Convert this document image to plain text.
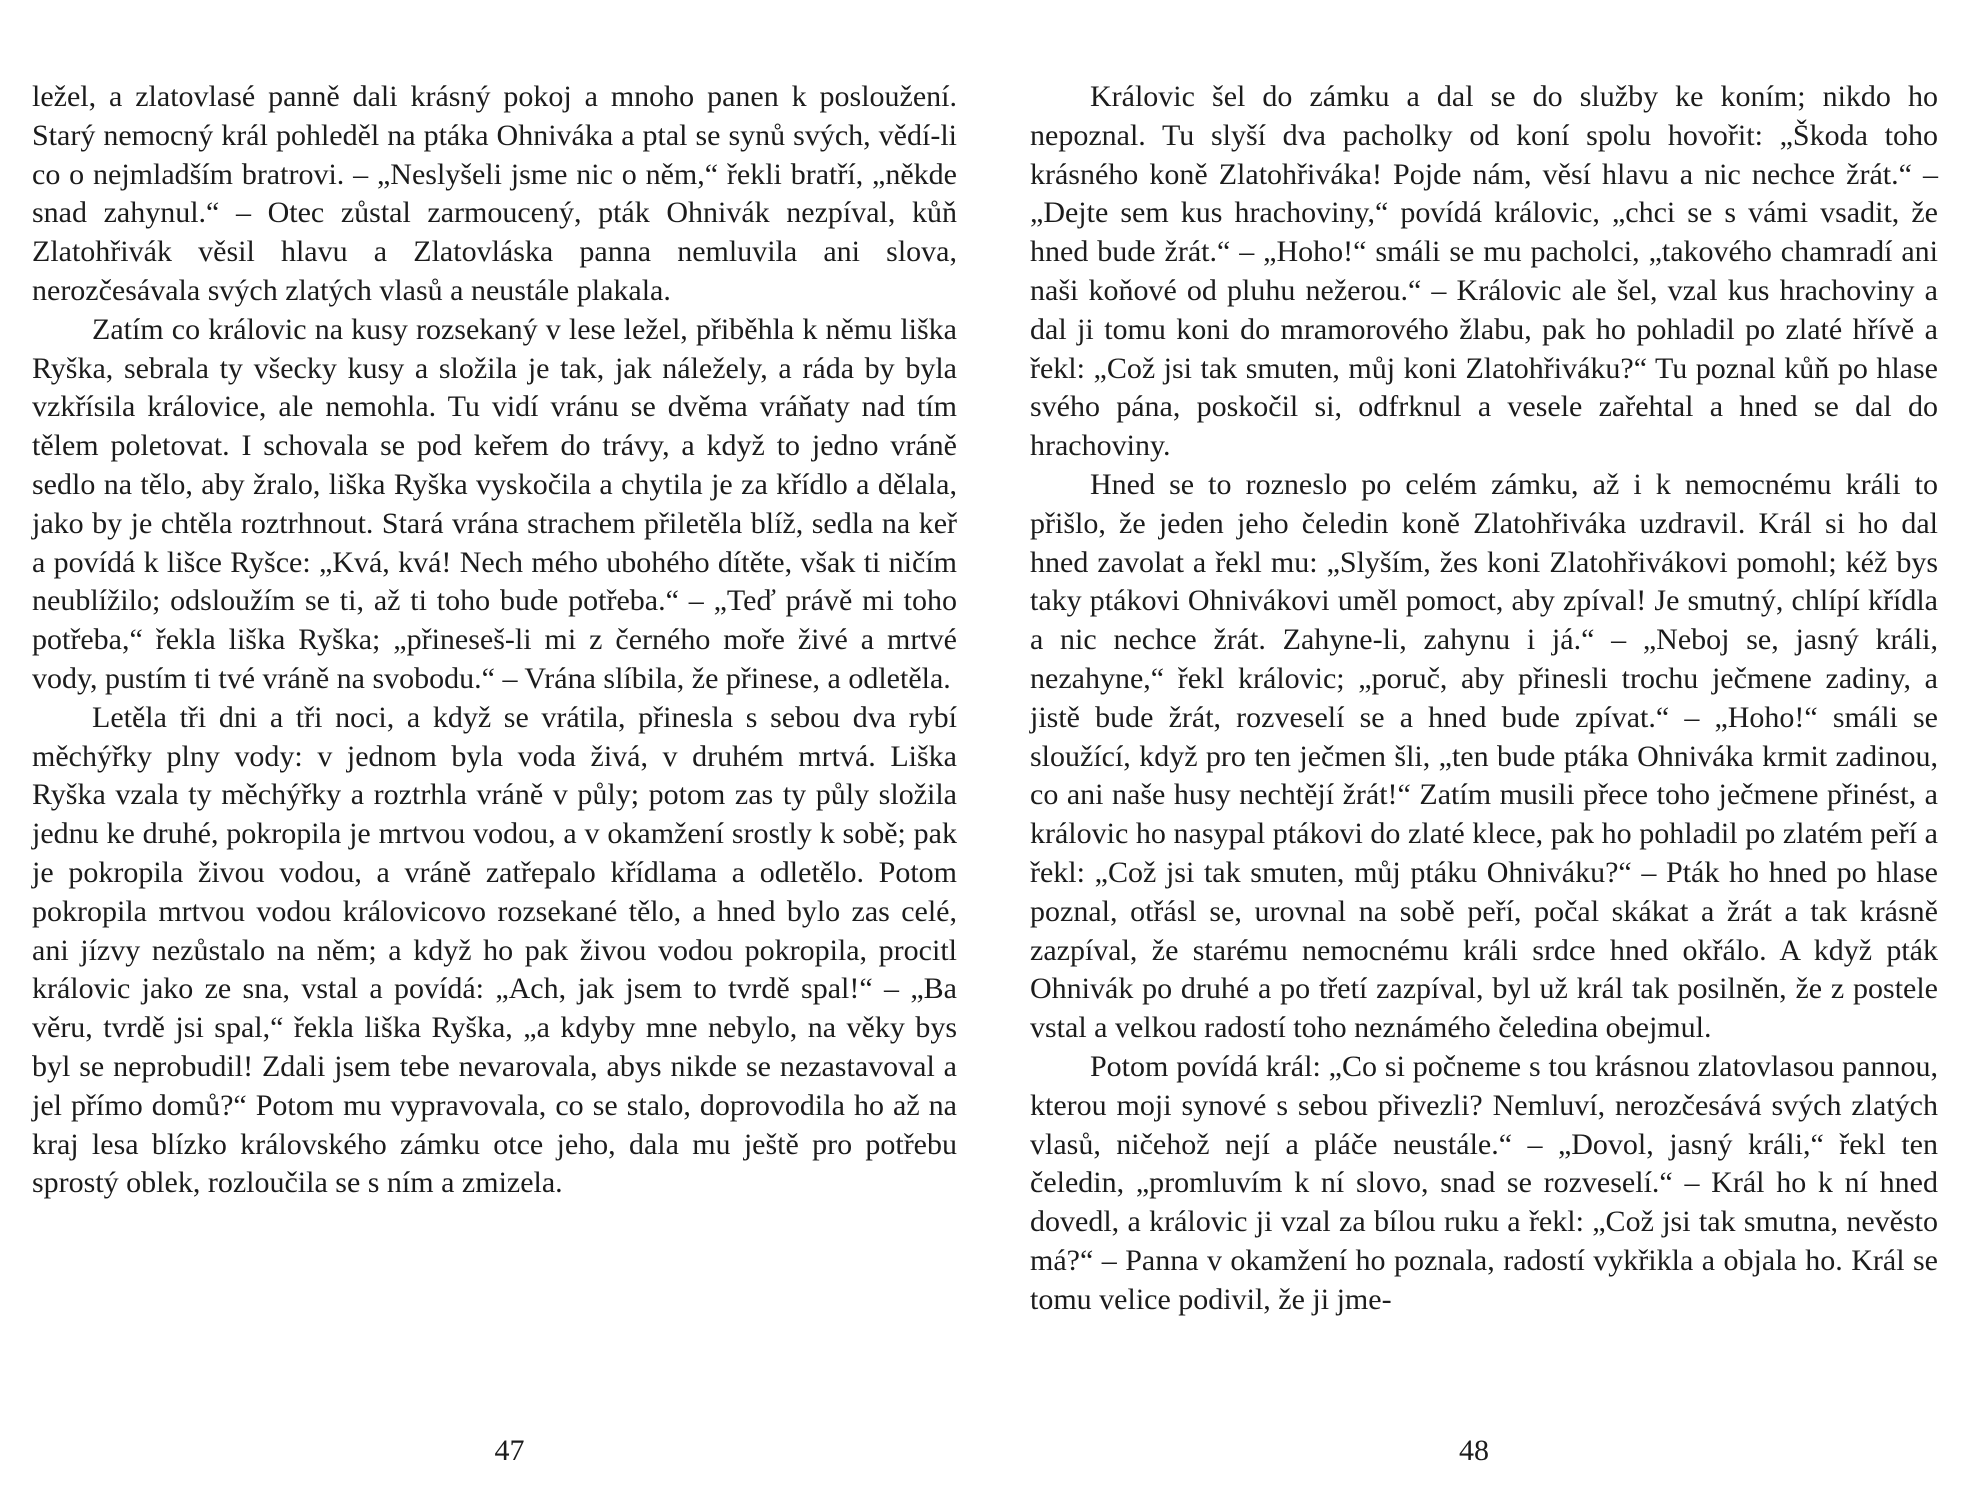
ležel, a zlatovlasé panně dali krásný pokoj a mnoho panen k posloužení. Starý nemocný král pohleděl na ptáka Ohniváka a ptal se synů svých, vědí-li co o nejmladším bratrovi. – „Neslyšeli jsme nic o něm,“ řekli bratří, „někde snad zahynul.“ – Otec zůstal zarmoucený, pták Ohnivák nezpíval, kůň Zlatohřivák věsil hlavu a Zlatovláska panna nemluvila ani slova, nerozčesávala svých zlatých vlasů a neustále plakala.

Zatím co královic na kusy rozsekaný v lese ležel, přiběhla k němu liška Ryška, sebrala ty všecky kusy a složila je tak, jak náležely, a ráda by byla vzkřísila královice, ale nemohla. Tu vidí vránu se dvěma vráňaty nad tím tělem poletovat. I schovala se pod keřem do trávy, a když to jedno vráně sedlo na tělo, aby žralo, liška Ryška vyskočila a chytila je za křídlo a dělala, jako by je chtěla roztrhnout. Stará vrána strachem přiletěla blíž, sedla na keř a povídá k lišce Ryšce: „Kvá, kvá! Nech mého ubohého dítěte, však ti ničím neublížilo; odsloužím se ti, až ti toho bude potřeba.“ – „Teď právě mi toho potřeba,“ řekla liška Ryška; „přineseš-li mi z černého moře živé a mrtvé vody, pustím ti tvé vráně na svobodu.“ – Vrána slíbila, že přinese, a odletěla.

Letěla tři dni a tři noci, a když se vrátila, přinesla s sebou dva rybí měchýřky plny vody: v jednom byla voda živá, v druhém mrtvá. Liška Ryška vzala ty měchýřky a roztrhla vráně v půly; potom zas ty půly složila jednu ke druhé, pokropila je mrtvou vodou, a v okamžení srostly k sobě; pak je pokropila živou vodou, a vráně zatřepalo křídlama a odletělo. Potom pokropila mrtvou vodou královicovo rozsekané tělo, a hned bylo zas celé, ani jízvy nezůstalo na něm; a když ho pak živou vodou pokropila, procitl královic jako ze sna, vstal a povídá: „Ach, jak jsem to tvrdě spal!“ – „Ba věru, tvrdě jsi spal,“ řekla liška Ryška, „a kdyby mne nebylo, na věky bys byl se neprobudil! Zdali jsem tebe nevarovala, abys nikde se nezastavoval a jel přímo domů?“ Potom mu vypravovala, co se stalo, doprovodila ho až na kraj lesa blízko královského zámku otce jeho, dala mu ještě pro potřebu sprostý oblek, rozloučila se s ním a zmizela.

47

Královic šel do zámku a dal se do služby ke koním; nikdo ho nepoznal. Tu slyší dva pacholky od koní spolu hovořit: „Škoda toho krásného koně Zlatohřiváka! Pojde nám, věsí hlavu a nic nechce žrát.“ – „Dejte sem kus hrachoviny,“ povídá královic, „chci se s vámi vsadit, že hned bude žrát.“ – „Hoho!“ smáli se mu pacholci, „takového chamradí ani naši koňové od pluhu nežerou.“ – Královic ale šel, vzal kus hrachoviny a dal ji tomu koni do mramorového žlabu, pak ho pohladil po zlaté hřívě a řekl: „Což jsi tak smuten, můj koni Zlatohřiváku?“ Tu poznal kůň po hlase svého pána, poskočil si, odfrknul a vesele zařehtal a hned se dal do hrachoviny.

Hned se to rozneslo po celém zámku, až i k nemocnému králi to přišlo, že jeden jeho čeledin koně Zlatohřiváka uzdravil. Král si ho dal hned zavolat a řekl mu: „Slyším, žes koni Zlatohřivákovi pomohl; kéž bys taky ptákovi Ohnivákovi uměl pomoct, aby zpíval! Je smutný, chlípí křídla a nic nechce žrát. Zahyne-li, zahynu i já.“ – „Neboj se, jasný králi, nezahyne,“ řekl královic; „poruč, aby přinesli trochu ječmene zadiny, a jistě bude žrát, rozveselí se a hned bude zpívat.“ – „Hoho!“ smáli se sloužící, když pro ten ječmen šli, „ten bude ptáka Ohniváka krmit zadinou, co ani naše husy nechtějí žrát!“ Zatím musili přece toho ječmene přinést, a královic ho nasypal ptákovi do zlaté klece, pak ho pohladil po zlatém peří a řekl: „Což jsi tak smuten, můj ptáku Ohniváku?“ – Pták ho hned po hlase poznal, otřásl se, urovnal na sobě peří, počal skákat a žrát a tak krásně zazpíval, že starému nemocnému králi srdce hned okřálo. A když pták Ohnivák po druhé a po třetí zazpíval, byl už král tak posilněn, že z postele vstal a velkou radostí toho neznámého čeledina obejmul.

Potom povídá král: „Co si počneme s tou krásnou zlatovlasou pannou, kterou moji synové s sebou přivezli? Nemluví, nerozčesává svých zlatých vlasů, ničehož nejí a pláče neustále.“ – „Dovol, jasný králi,“ řekl ten čeledin, „promluvím k ní slovo, snad se rozveselí.“ – Král ho k ní hned dovedl, a královic ji vzal za bílou ruku a řekl: „Což jsi tak smutna, nevěsto má?“ – Panna v okamžení ho poznala, radostí vykřikla a objala ho. Král se tomu velice podivil, že ji jme-

48
